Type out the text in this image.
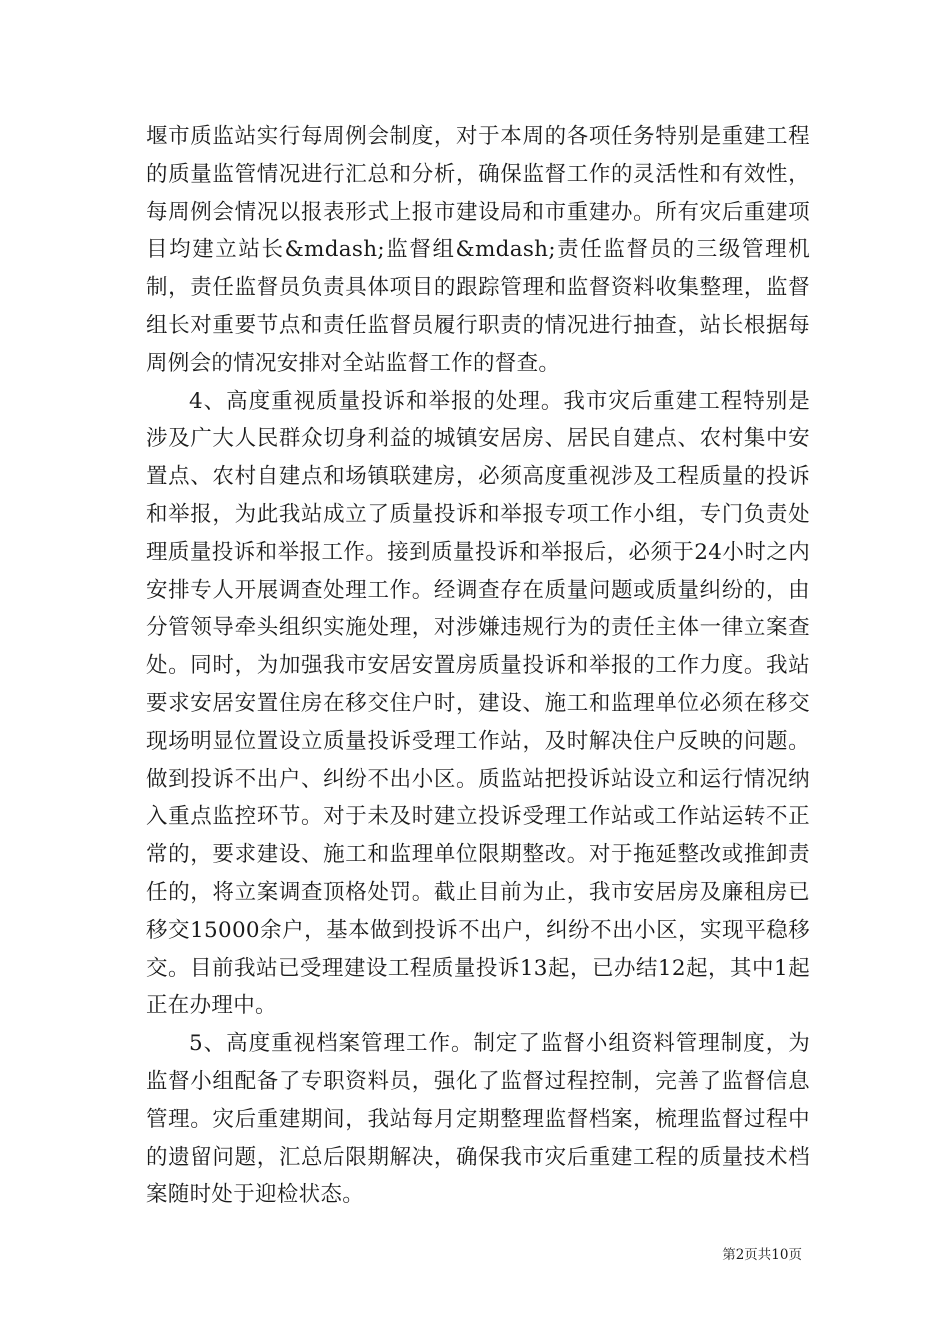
堰市质监站实行每周例会制度，对于本周的各项任务特别是重建工程的质量监管情况进行汇总和分析，确保监督工作的灵活性和有效性，每周例会情况以报表形式上报市建设局和市重建办。所有灾后重建项目均建立站长&mdash;监督组&mdash;责任监督员的三级管理机制，责任监督员负责具体项目的跟踪管理和监督资料收集整理，监督组长对重要节点和责任监督员履行职责的情况进行抽查，站长根据每周例会的情况安排对全站监督工作的督查。

4、高度重视质量投诉和举报的处理。我市灾后重建工程特别是涉及广大人民群众切身利益的城镇安居房、居民自建点、农村集中安置点、农村自建点和场镇联建房，必须高度重视涉及工程质量的投诉和举报，为此我站成立了质量投诉和举报专项工作小组，专门负责处理质量投诉和举报工作。接到质量投诉和举报后，必须于24小时之内安排专人开展调查处理工作。经调查存在质量问题或质量纠纷的，由分管领导牵头组织实施处理，对涉嫌违规行为的责任主体一律立案查处。同时，为加强我市安居安置房质量投诉和举报的工作力度。我站要求安居安置住房在移交住户时，建设、施工和监理单位必须在移交现场明显位置设立质量投诉受理工作站，及时解决住户反映的问题。做到投诉不出户、纠纷不出小区。质监站把投诉站设立和运行情况纳入重点监控环节。对于未及时建立投诉受理工作站或工作站运转不正常的，要求建设、施工和监理单位限期整改。对于拖延整改或推卸责任的，将立案调查顶格处罚。截止目前为止，我市安居房及廉租房已移交15000余户，基本做到投诉不出户，纠纷不出小区，实现平稳移交。目前我站已受理建设工程质量投诉13起，已办结12起，其中1起正在办理中。

5、高度重视档案管理工作。制定了监督小组资料管理制度，为监督小组配备了专职资料员，强化了监督过程控制，完善了监督信息管理。灾后重建期间，我站每月定期整理监督档案，梳理监督过程中的遗留问题，汇总后限期解决，确保我市灾后重建工程的质量技术档案随时处于迎检状态。

第2页共10页
